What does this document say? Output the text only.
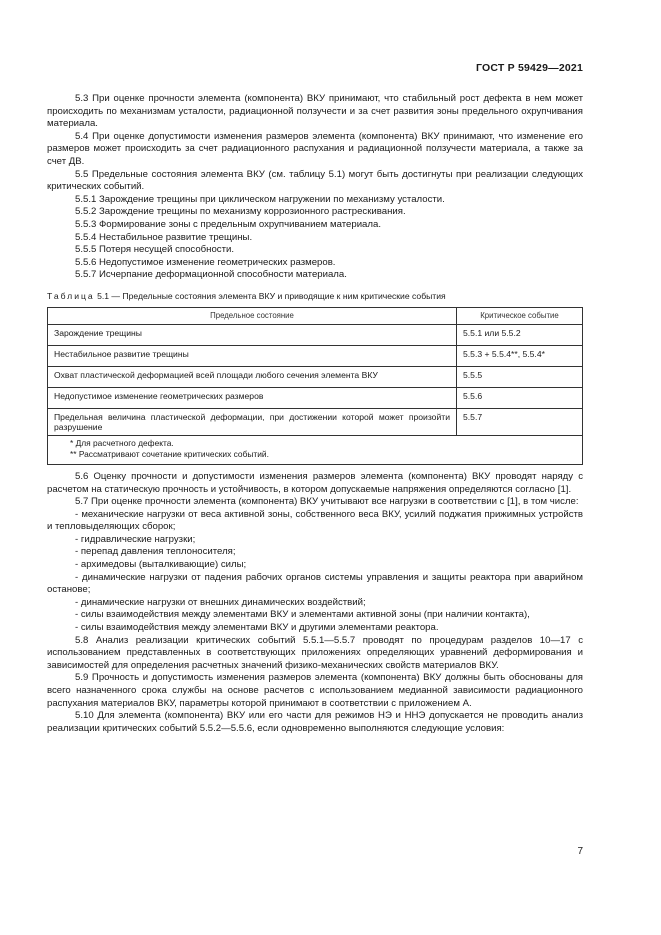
ГОСТ Р 59429—2021

5.3 При оценке прочности элемента (компонента) ВКУ принимают, что стабильный рост дефекта в нем может происходить по механизмам усталости, радиационной ползучести и за счет развития зоны предельного охрупчивания материала.

5.4 При оценке допустимости изменения размеров элемента (компонента) ВКУ принимают, что изменение его размеров может происходить за счет радиационного распухания и радиационной ползучести материала, а также за счет ДВ.

5.5 Предельные состояния элемента ВКУ (см. таблицу 5.1) могут быть достигнуты при реализации следующих критических событий.

5.5.1 Зарождение трещины при циклическом нагружении по механизму усталости.

5.5.2 Зарождение трещины по механизму коррозионного растрескивания.

5.5.3 Формирование зоны с предельным охрупчиванием материала.

5.5.4 Нестабильное развитие трещины.

5.5.5 Потеря несущей способности.

5.5.6 Недопустимое изменение геометрических размеров.

5.5.7 Исчерпание деформационной способности материала.

Таблица 5.1 — Предельные состояния элемента ВКУ и приводящие к ним критические события
Предельное состояние	Критическое событие
Зарождение трещины	5.5.1 или 5.5.2
Нестабильное развитие трещины	5.5.3 + 5.5.4**, 5.5.4*
Охват пластической деформацией всей площади любого сечения элемента ВКУ	5.5.5
Недопустимое изменение геометрических размеров	5.5.6
Предельная величина пластической деформации, при достижении которой может произойти разрушение	5.5.7

* Для расчетного дефекта.
** Рассматривают сочетание критических событий.	

5.6 Оценку прочности и допустимости изменения размеров элемента (компонента) ВКУ проводят наряду с расчетом на статическую прочность и устойчивость, в котором допускаемые напряжения определяются согласно [1].

5.7 При оценке прочности элемента (компонента) ВКУ учитывают все нагрузки в соответствии с [1], в том числе:

- механические нагрузки от веса активной зоны, собственного веса ВКУ, усилий поджатия прижимных устройств и тепловыделяющих сборок;

- гидравлические нагрузки;

- перепад давления теплоносителя;

- архимедовы (выталкивающие) силы;

- динамические нагрузки от падения рабочих органов системы управления и защиты реактора при аварийном останове;

- динамические нагрузки от внешних динамических воздействий;

- силы взаимодействия между элементами ВКУ и элементами активной зоны (при наличии контакта),

- силы взаимодействия между элементами ВКУ и другими элементами реактора.

5.8 Анализ реализации критических событий 5.5.1—5.5.7 проводят по процедурам разделов 10—17 с использованием представленных в соответствующих приложениях определяющих уравнений деформирования и зависимостей для определения расчетных значений физико-механических свойств материалов ВКУ.

5.9 Прочность и допустимость изменения размеров элемента (компонента) ВКУ должны быть обоснованы для всего назначенного срока службы на основе расчетов с использованием медианной зависимости радиационного распухания материалов ВКУ, параметры которой принимают в соответствии с приложением А.

5.10 Для элемента (компонента) ВКУ или его части для режимов НЭ и ННЭ допускается не проводить анализ реализации критических событий 5.5.2—5.5.6, если одновременно выполняются следующие условия:

7
